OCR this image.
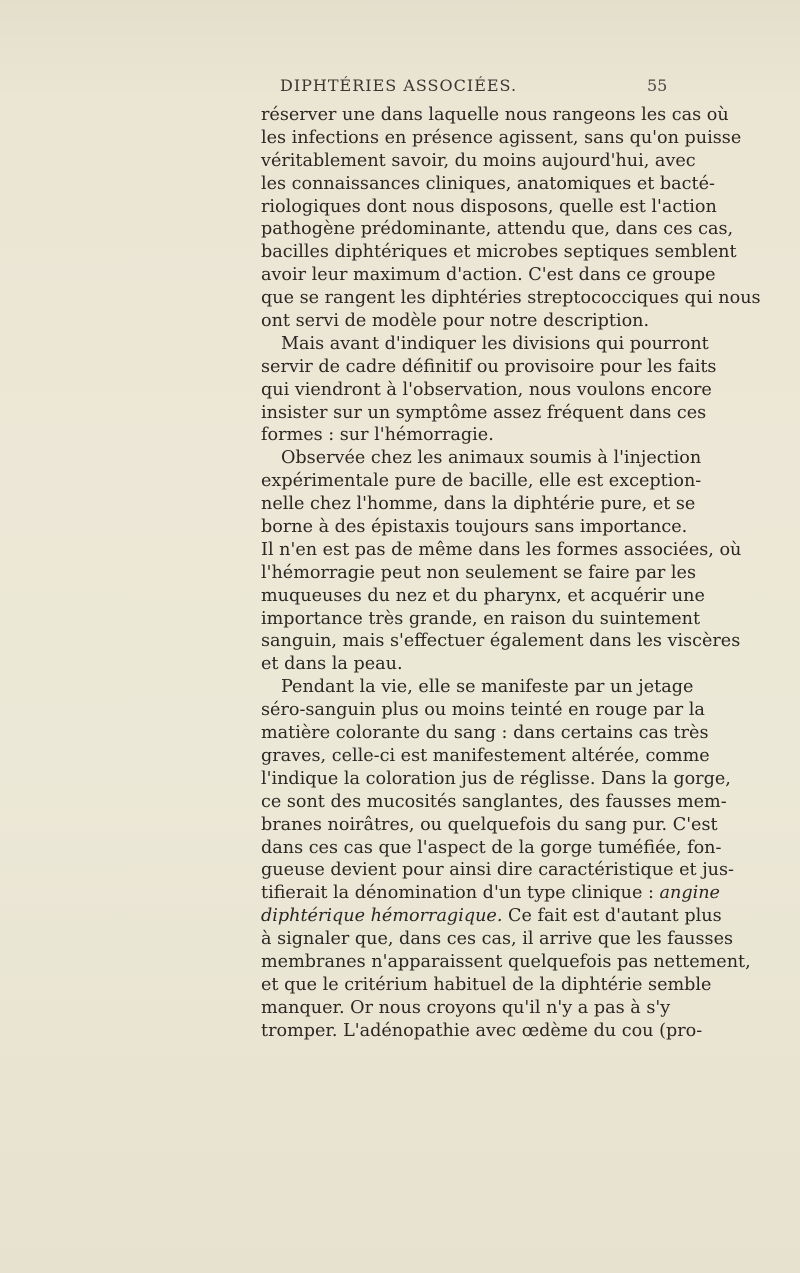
DIPHTÉRIES ASSOCIÉES.	55
réserver une dans laquelle nous rangeons les cas où
les infections en présence agissent, sans qu'on puisse
véritablement savoir, du moins aujourd'hui, avec
les connaissances cliniques, anatomiques et bacté-
riologiques dont nous disposons, quelle est l'action
pathogène prédominante, attendu que, dans ces cas,
bacilles diphtériques et microbes septiques semblent
avoir leur maximum d'action. C'est dans ce groupe
que se rangent les diphtéries streptococciques qui nous
ont servi de modèle pour notre description.
Mais avant d'indiquer les divisions qui pourront
servir de cadre définitif ou provisoire pour les faits
qui viendront à l'observation, nous voulons encore
insister sur un symptôme assez fréquent dans ces
formes : sur l'hémorragie.
Observée chez les animaux soumis à l'injection
expérimentale pure de bacille, elle est exception-
nelle chez l'homme, dans la diphtérie pure, et se
borne à des épistaxis toujours sans importance.
Il n'en est pas de même dans les formes associées, où
l'hémorragie peut non seulement se faire par les
muqueuses du nez et du pharynx, et acquérir une
importance très grande, en raison du suintement
sanguin, mais s'effectuer également dans les viscères
et dans la peau.
Pendant la vie, elle se manifeste par un jetage
séro-sanguin plus ou moins teinté en rouge par la
matière colorante du sang : dans certains cas très
graves, celle-ci est manifestement altérée, comme
l'indique la coloration jus de réglisse. Dans la gorge,
ce sont des mucosités sanglantes, des fausses mem-
branes noirâtres, ou quelquefois du sang pur. C'est
dans ces cas que l'aspect de la gorge tuméfiée, fon-
gueuse devient pour ainsi dire caractéristique et jus-
tifierait la dénomination d'un type clinique : angine
diphtérique hémorragique. Ce fait est d'autant plus
à signaler que, dans ces cas, il arrive que les fausses
membranes n'apparaissent quelquefois pas nettement,
et que le critérium habituel de la diphtérie semble
manquer. Or nous croyons qu'il n'y a pas à s'y
tromper. L'adénopathie avec œdème du cou (pro-
